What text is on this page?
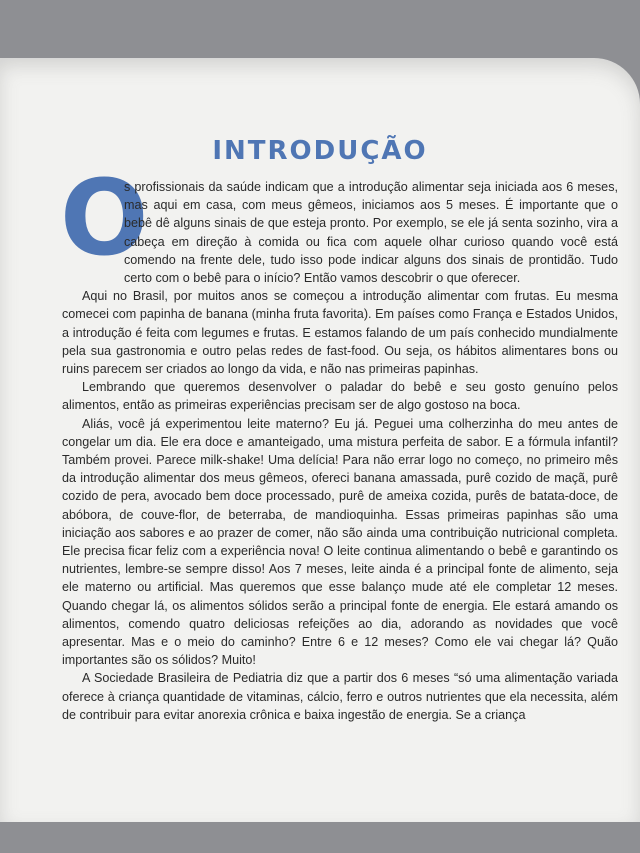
INTRODUÇÃO
O

s profissionais da saúde indicam que a introdução alimentar seja iniciada aos 6 meses, mas aqui em casa, com meus gêmeos, iniciamos aos 5 meses. É importante que o bebê dê alguns sinais de que esteja pronto. Por exemplo, se ele já senta sozinho, vira a cabeça em direção à comida ou fica com aquele olhar curioso quando você está comendo na frente dele, tudo isso pode indicar alguns dos sinais de prontidão. Tudo certo com o bebê para o início? Então vamos descobrir o que oferecer.

Aqui no Brasil, por muitos anos se começou a introdução alimentar com frutas. Eu mesma comecei com papinha de banana (minha fruta favorita). Em países como França e Estados Unidos, a introdução é feita com legumes e frutas. E estamos falando de um país conhecido mundialmente pela sua gastronomia e outro pelas redes de fast-food. Ou seja, os hábitos alimentares bons ou ruins parecem ser criados ao longo da vida, e não nas primeiras papinhas.

Lembrando que queremos desenvolver o paladar do bebê e seu gosto genuíno pelos alimentos, então as primeiras experiências precisam ser de algo gostoso na boca.

Aliás, você já experimentou leite materno? Eu já. Peguei uma colherzinha do meu antes de congelar um dia. Ele era doce e amanteigado, uma mistura perfeita de sabor. E a fórmula infantil? Também provei. Parece milk-shake! Uma delícia! Para não errar logo no começo, no primeiro mês da introdução alimentar dos meus gêmeos, ofereci banana amassada, purê cozido de maçã, purê cozido de pera, avocado bem doce processado, purê de ameixa cozida, purês de batata-doce, de abóbora, de couve-flor, de beterraba, de mandioquinha. Essas primeiras papinhas são uma iniciação aos sabores e ao prazer de comer, não são ainda uma contribuição nutricional completa. Ele precisa ficar feliz com a experiência nova! O leite continua alimentando o bebê e garantindo os nutrientes, lembre-se sempre disso! Aos 7 meses, leite ainda é a principal fonte de alimento, seja ele materno ou artificial. Mas queremos que esse balanço mude até ele completar 12 meses. Quando chegar lá, os alimentos sólidos serão a principal fonte de energia. Ele estará amando os alimentos, comendo quatro deliciosas refeições ao dia, adorando as novidades que você apresentar. Mas e o meio do caminho? Entre 6 e 12 meses? Como ele vai chegar lá? Quão importantes são os sólidos? Muito!

A Sociedade Brasileira de Pediatria diz que a partir dos 6 meses “só uma alimentação variada oferece à criança quantidade de vitaminas, cálcio, ferro e outros nutrientes que ela necessita, além de contribuir para evitar anorexia crônica e baixa ingestão de energia. Se a criança
